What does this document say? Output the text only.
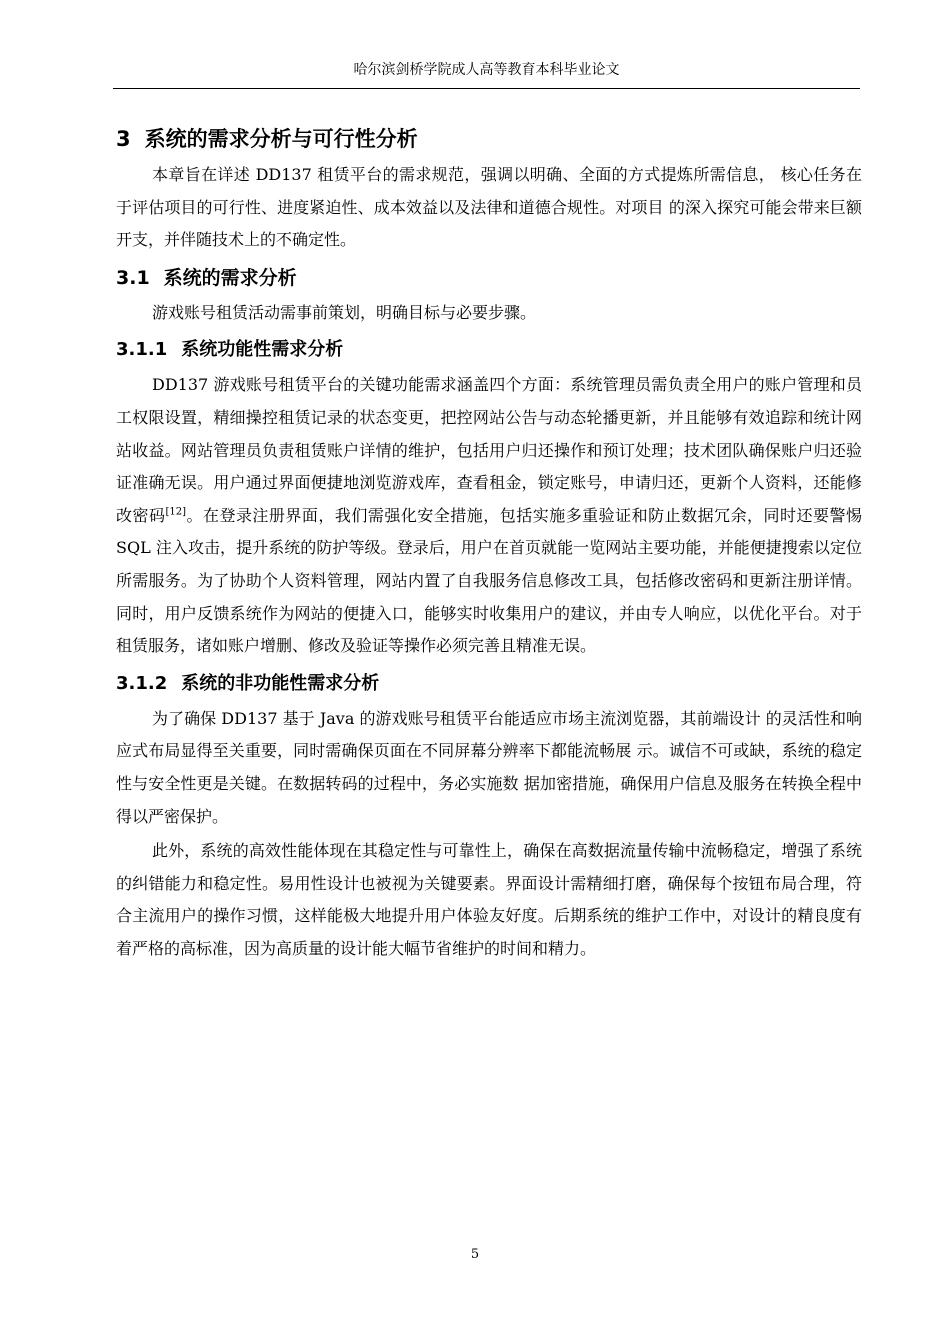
哈尔滨剑桥学院成人高等教育本科毕业论文
3 系统的需求分析与可行性分析

本章旨在详述 DD137 租赁平台的需求规范，强调以明确、全面的方式提炼所需信息， 核心任务在于评估项目的可行性、进度紧迫性、成本效益以及法律和道德合规性。对项目 的深入探究可能会带来巨额开支，并伴随技术上的不确定性。

3.1 系统的需求分析

游戏账号租赁活动需事前策划，明确目标与必要步骤。

3.1.1 系统功能性需求分析

DD137 游戏账号租赁平台的关键功能需求涵盖四个方面：系统管理员需负责全用户的账户管理和员工权限设置，精细操控租赁记录的状态变更，把控网站公告与动态轮播更新，并且能够有效追踪和统计网站收益。网站管理员负责租赁账户详情的维护，包括用户归还操作和预订处理；技术团队确保账户归还验证准确无误。用户通过界面便捷地浏览游戏库，查看租金，锁定账号，申请归还，更新个人资料，还能修改密码[12]。在登录注册界面，我们需强化安全措施，包括实施多重验证和防止数据冗余，同时还要警惕 SQL 注入攻击，提升系统的防护等级。登录后，用户在首页就能一览网站主要功能，并能便捷搜索以定位所需服务。为了协助个人资料管理，网站内置了自我服务信息修改工具，包括修改密码和更新注册详情。同时，用户反馈系统作为网站的便捷入口，能够实时收集用户的建议，并由专人响应，以优化平台。对于租赁服务，诸如账户增删、修改及验证等操作必须完善且精准无误。

3.1.2 系统的非功能性需求分析

为了确保 DD137 基于 Java 的游戏账号租赁平台能适应市场主流浏览器，其前端设计 的灵活性和响应式布局显得至关重要，同时需确保页面在不同屏幕分辨率下都能流畅展 示。诚信不可或缺，系统的稳定性与安全性更是关键。在数据转码的过程中，务必实施数 据加密措施，确保用户信息及服务在转换全程中得以严密保护。

此外，系统的高效性能体现在其稳定性与可靠性上，确保在高数据流量传输中流畅稳定，增强了系统的纠错能力和稳定性。易用性设计也被视为关键要素。界面设计需精细打磨，确保每个按钮布局合理，符合主流用户的操作习惯，这样能极大地提升用户体验友好度。后期系统的维护工作中，对设计的精良度有着严格的高标准，因为高质量的设计能大幅节省维护的时间和精力。

5
